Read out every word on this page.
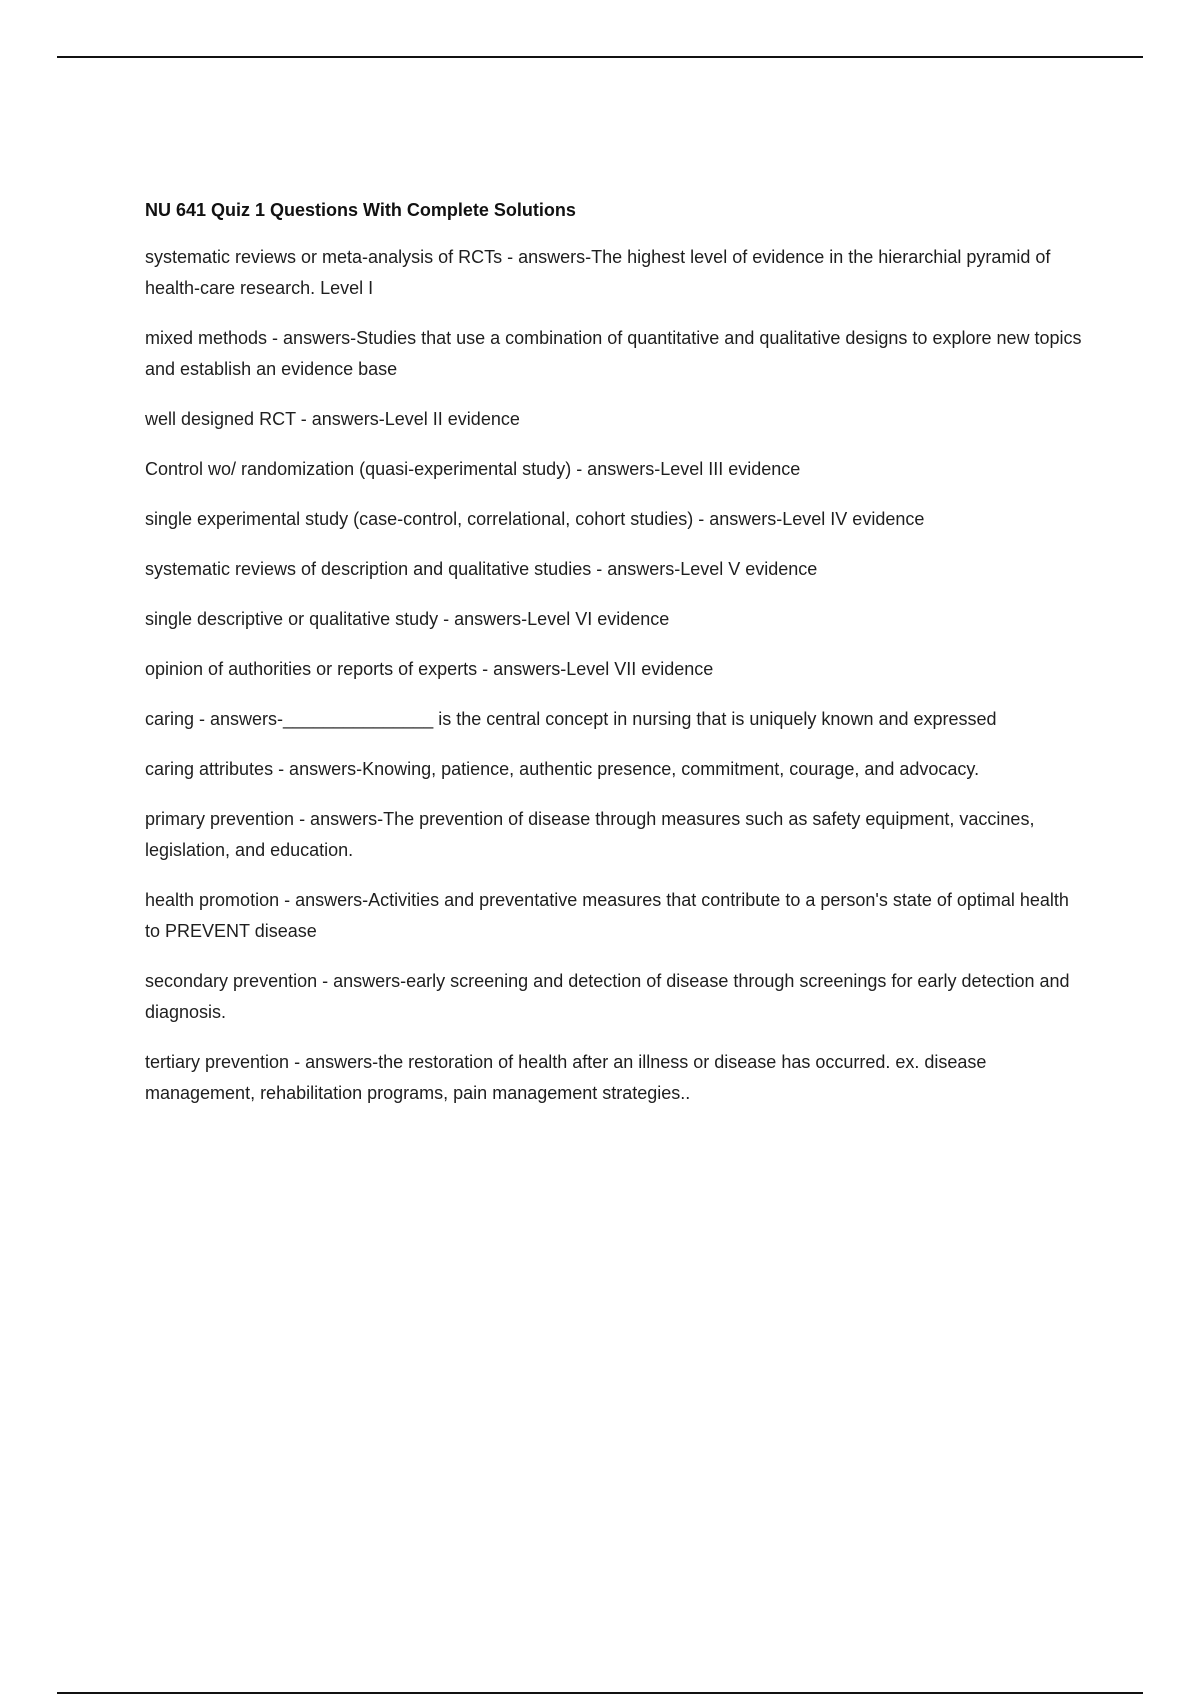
NU 641 Quiz 1 Questions With Complete Solutions

systematic reviews or meta-analysis of RCTs - answers-The highest level of evidence in the hierarchial pyramid of health-care research. Level I

mixed methods - answers-Studies that use a combination of quantitative and qualitative designs to explore new topics and establish an evidence base

well designed RCT - answers-Level II evidence

Control wo/ randomization (quasi-experimental study) - answers-Level III evidence

single experimental study (case-control, correlational, cohort studies) - answers-Level IV evidence

systematic reviews of description and qualitative studies - answers-Level V evidence

single descriptive or qualitative study - answers-Level VI evidence

opinion of authorities or reports of experts - answers-Level VII evidence

caring - answers-_______________ is the central concept in nursing that is uniquely known and expressed

caring attributes - answers-Knowing, patience, authentic presence, commitment, courage, and advocacy.

primary prevention - answers-The prevention of disease through measures such as safety equipment, vaccines, legislation, and education.

health promotion - answers-Activities and preventative measures that contribute to a person's state of optimal health to PREVENT disease

secondary prevention - answers-early screening and detection of disease through screenings for early detection and diagnosis.

tertiary prevention - answers-the restoration of health after an illness or disease has occurred. ex. disease management, rehabilitation programs, pain management strategies..
